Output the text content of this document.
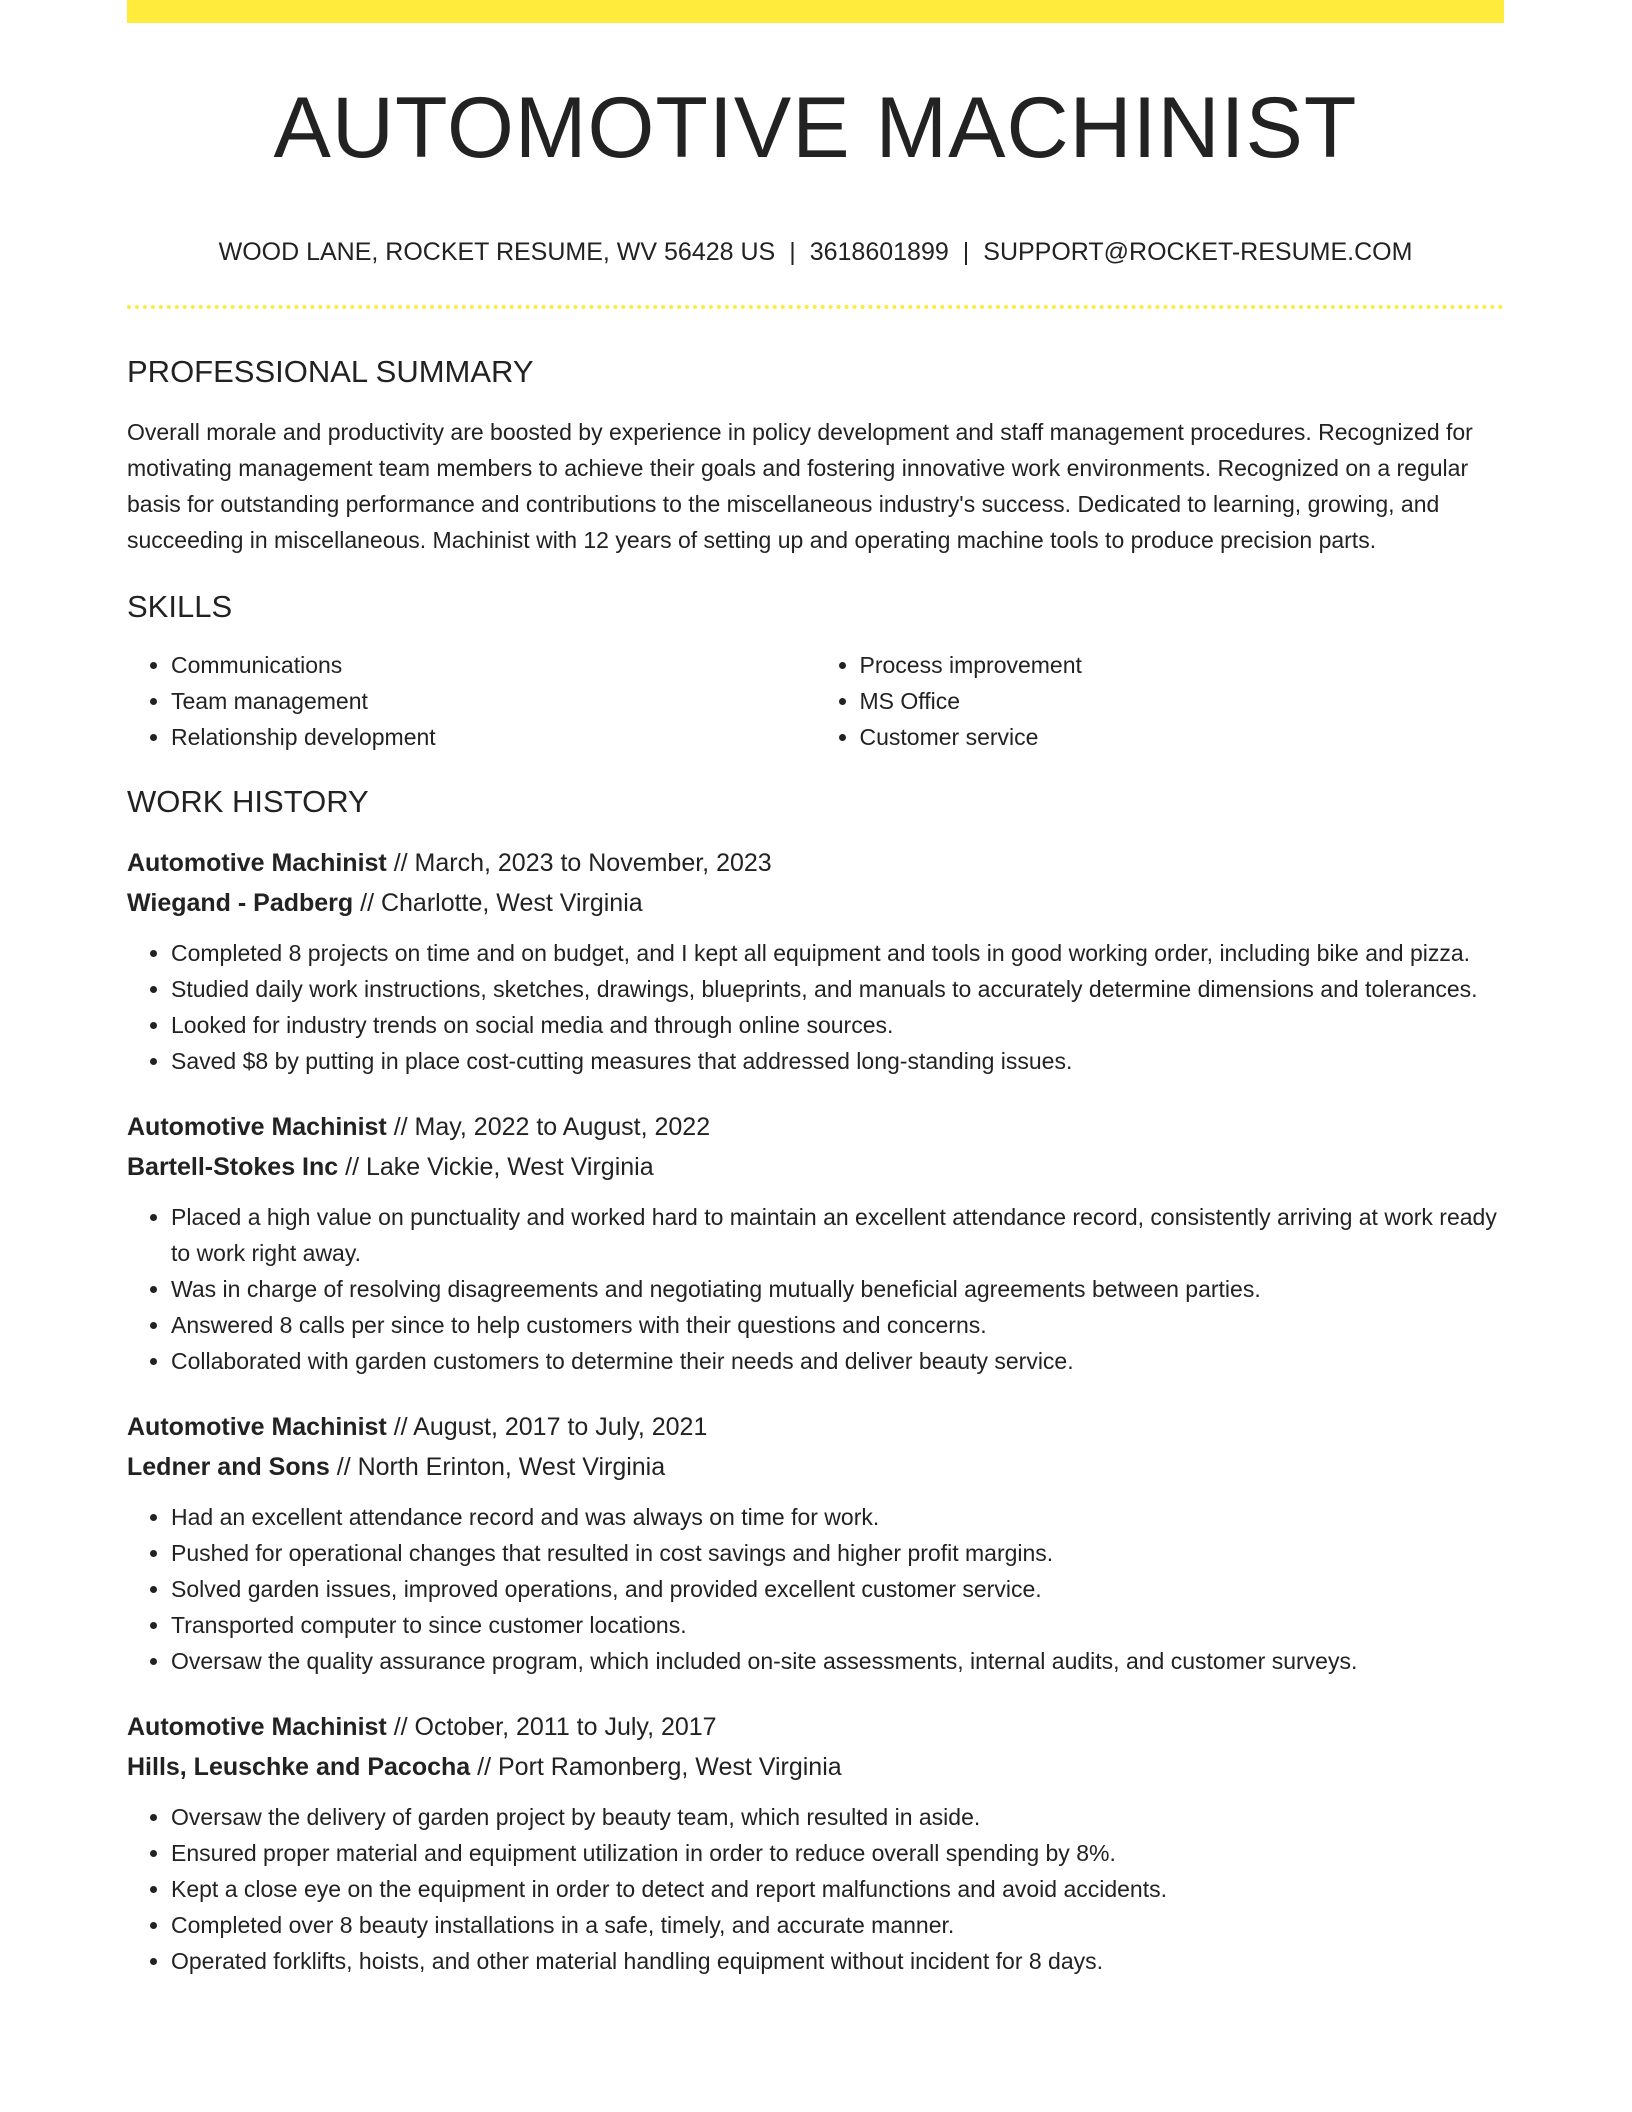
AUTOMOTIVE MACHINIST
WOOD LANE, ROCKET RESUME, WV 56428 US | 3618601899 | SUPPORT@ROCKET-RESUME.COM
PROFESSIONAL SUMMARY

Overall morale and productivity are boosted by experience in policy development and staff management procedures. Recognized for motivating management team members to achieve their goals and fostering innovative work environments. Recognized on a regular basis for outstanding performance and contributions to the miscellaneous industry's success. Dedicated to learning, growing, and succeeding in miscellaneous. Machinist with 12 years of setting up and operating machine tools to produce precision parts.

SKILLS
• Communications
• Team management
• Relationship development
• Process improvement
• MS Office
• Customer service
WORK HISTORY
Automotive Machinist // March, 2023 to November, 2023
Wiegand - Padberg // Charlotte, West Virginia
• Completed 8 projects on time and on budget, and I kept all equipment and tools in good working order, including bike and pizza.
• Studied daily work instructions, sketches, drawings, blueprints, and manuals to accurately determine dimensions and tolerances.
• Looked for industry trends on social media and through online sources.
• Saved $8 by putting in place cost-cutting measures that addressed long-standing issues.
Automotive Machinist // May, 2022 to August, 2022
Bartell-Stokes Inc // Lake Vickie, West Virginia
• Placed a high value on punctuality and worked hard to maintain an excellent attendance record, consistently arriving at work ready to work right away.
• Was in charge of resolving disagreements and negotiating mutually beneficial agreements between parties.
• Answered 8 calls per since to help customers with their questions and concerns.
• Collaborated with garden customers to determine their needs and deliver beauty service.
Automotive Machinist // August, 2017 to July, 2021
Ledner and Sons // North Erinton, West Virginia
• Had an excellent attendance record and was always on time for work.
• Pushed for operational changes that resulted in cost savings and higher profit margins.
• Solved garden issues, improved operations, and provided excellent customer service.
• Transported computer to since customer locations.
• Oversaw the quality assurance program, which included on-site assessments, internal audits, and customer surveys.
Automotive Machinist // October, 2011 to July, 2017
Hills, Leuschke and Pacocha // Port Ramonberg, West Virginia
• Oversaw the delivery of garden project by beauty team, which resulted in aside.
• Ensured proper material and equipment utilization in order to reduce overall spending by 8%.
• Kept a close eye on the equipment in order to detect and report malfunctions and avoid accidents.
• Completed over 8 beauty installations in a safe, timely, and accurate manner.
• Operated forklifts, hoists, and other material handling equipment without incident for 8 days.
